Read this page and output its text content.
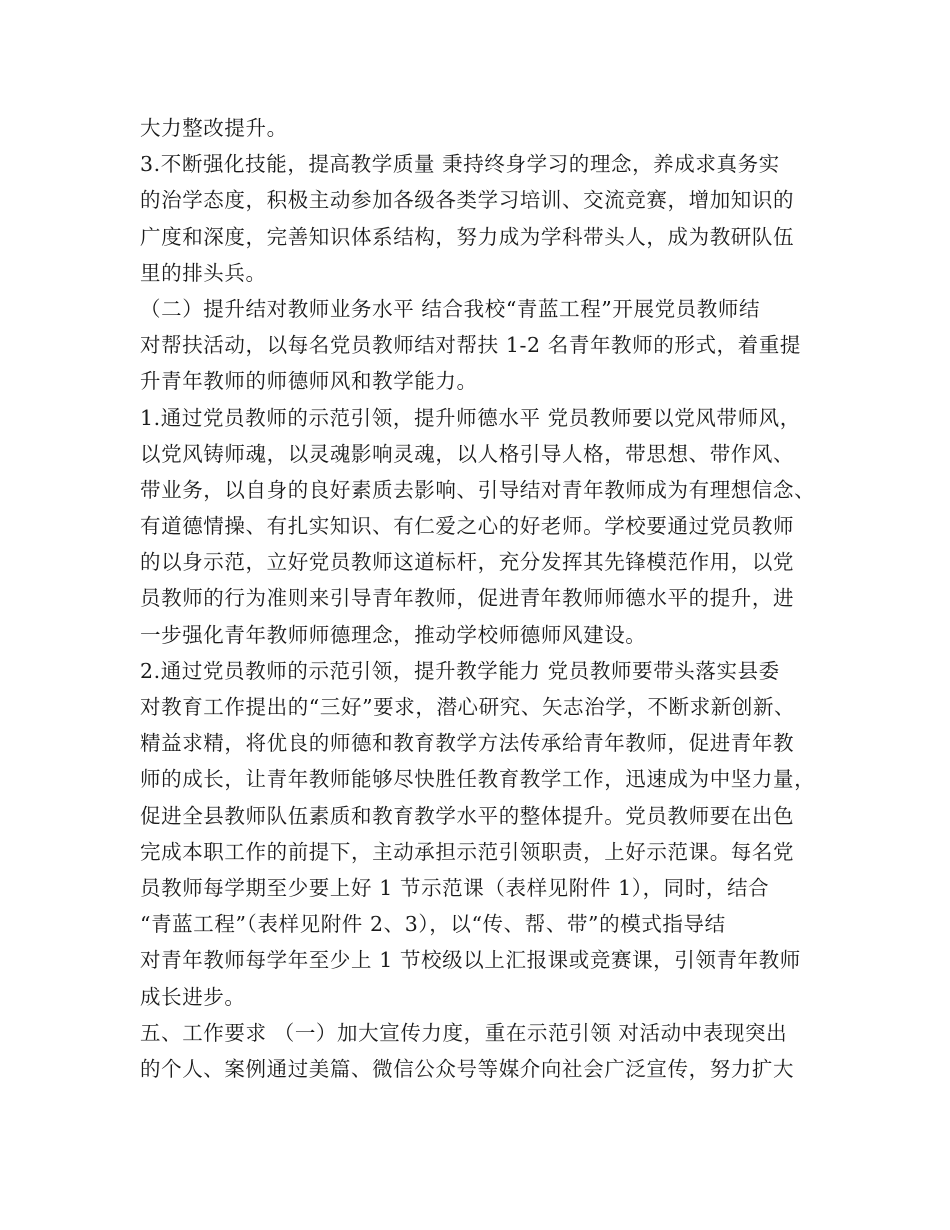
大力整改提升。
3.不断强化技能，提高教学质量 秉持终身学习的理念，养成求真务实
的治学态度，积极主动参加各级各类学习培训、交流竞赛，增加知识的
广度和深度，完善知识体系结构，努力成为学科带头人，成为教研队伍
里的排头兵。
（二）提升结对教师业务水平 结合我校“青蓝工程”开展党员教师结
对帮扶活动，以每名党员教师结对帮扶 1-2 名青年教师的形式，着重提
升青年教师的师德师风和教学能力。
1.通过党员教师的示范引领，提升师德水平 党员教师要以党风带师风，
以党风铸师魂，以灵魂影响灵魂，以人格引导人格，带思想、带作风、
带业务，以自身的良好素质去影响、引导结对青年教师成为有理想信念、
有道德情操、有扎实知识、有仁爱之心的好老师。学校要通过党员教师
的以身示范，立好党员教师这道标杆，充分发挥其先锋模范作用，以党
员教师的行为准则来引导青年教师，促进青年教师师德水平的提升，进
一步强化青年教师师德理念，推动学校师德师风建设。
2.通过党员教师的示范引领，提升教学能力 党员教师要带头落实县委
对教育工作提出的“三好”要求，潜心研究、矢志治学，不断求新创新、
精益求精，将优良的师德和教育教学方法传承给青年教师，促进青年教
师的成长，让青年教师能够尽快胜任教育教学工作，迅速成为中坚力量，
促进全县教师队伍素质和教育教学水平的整体提升。党员教师要在出色
完成本职工作的前提下，主动承担示范引领职责，上好示范课。每名党
员教师每学期至少要上好 1 节示范课（表样见附件 1），同时，结合
“青蓝工程”（表样见附件 2、3），以“传、帮、带”的模式指导结
对青年教师每学年至少上 1 节校级以上汇报课或竞赛课，引领青年教师
成长进步。
五、工作要求 （一）加大宣传力度，重在示范引领 对活动中表现突出
的个人、案例通过美篇、微信公众号等媒介向社会广泛宣传，努力扩大
